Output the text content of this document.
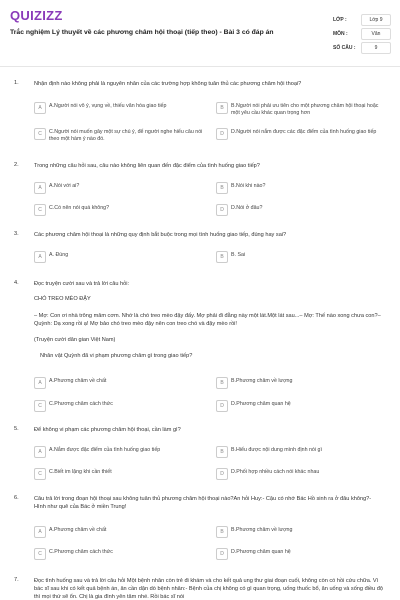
QUIZIZZ
Trắc nghiệm Lý thuyết về các phương châm hội thoại (tiếp theo) - Bài 3 có đáp án
LỚP :	Lớp 9
MÔN :	Văn
SỐ CÂU :	9
1.	Nhận định nào không phải là nguyên nhân của các trường hợp không tuân thủ các phương châm hội thoại?
A	A.Người nói vô ý, vụng về, thiếu văn hóa giao tiếp	B	B.Người nói phải ưu tiên cho một phương châm hội thoại hoặc một yêu cầu khác quan trọng hơn
C	C.Người nói muốn gây một sự chú ý, để người nghe hiểu câu nói theo một hàm ý nào đó.
D	D.Người nói nắm được các đặc điểm của tình huống giao tiếp
2.	Trong những câu hỏi sau, câu nào không liên quan đến đặc điểm của tình huống giao tiếp?
A	A.Nói với ai?	B	B.Nói khi nào?
C	C.Có nên nói quá không?	D	D.Nói ở đâu?
3.	Các phương châm hội thoại là những quy định bắt buộc trong mọi tình huống giao tiếp, đúng hay sai?
A	A. Đúng	B	B. Sai
4.	Đọc truyện cười sau và trả lời câu hỏi:
CHÓ TREO MÈO ĐẬY
– Mợ: Con ơi nhà trông mâm cơm. Nhớ là chó treo mèo đậy đấy. Mợ phải đi đằng này một lát.Một lát sau...– Mợ: Thế nào xong chưa con?– Quỳnh: Dạ xong rồi ạ! Mợ bảo chó treo mèo đậy nên con treo chó và đậy mèo rồi!
(Truyện cười dân gian Việt Nam)
Nhân vật Quỳnh đã vi phạm phương châm gì trong giao tiếp?
A	A.Phương châm về chất	B	B.Phương châm về lượng
C	C.Phương châm cách thức	D	D.Phương châm quan hệ
5.	Để không vi phạm các phương châm hội thoại, cần làm gì?
A	A.Nắm được đặc điểm của tình huống giao tiếp	B	B.Hiểu được nội dung mình định nói gì
C	C.Biết im lặng khi cần thiết	D	D.Phối hợp nhiều cách nói khác nhau
6.	Câu trả lời trong đoạn hội thoại sau không tuân thủ phương châm hội thoại nào?An hỏi Huy:- Cậu có nhớ Bác Hồ sinh ra ở đâu không?- Hình như quê của Bác ở miền Trung!
A	A.Phương châm về chất	B	B.Phương châm về lượng
C	C.Phương châm cách thức	D	D.Phương châm quan hệ
7.	Đọc tình huống sau và trả lời câu hỏi Một bệnh nhân còn trẻ đi khám và cho kết quả ung thư giai đoạn cuối, không còn có hồi cứu chữa. Vì bác sĩ sau khi có kết quả bệnh án, ân cần dặn dò bệnh nhân:- Bệnh của chị không có gì quan trọng, uống thuốc bổ, ăn uống và sống điều độ thì mọi thứ sẽ ổn. Chị là gia đình yên tâm nhé. Rồi bác sĩ nói
